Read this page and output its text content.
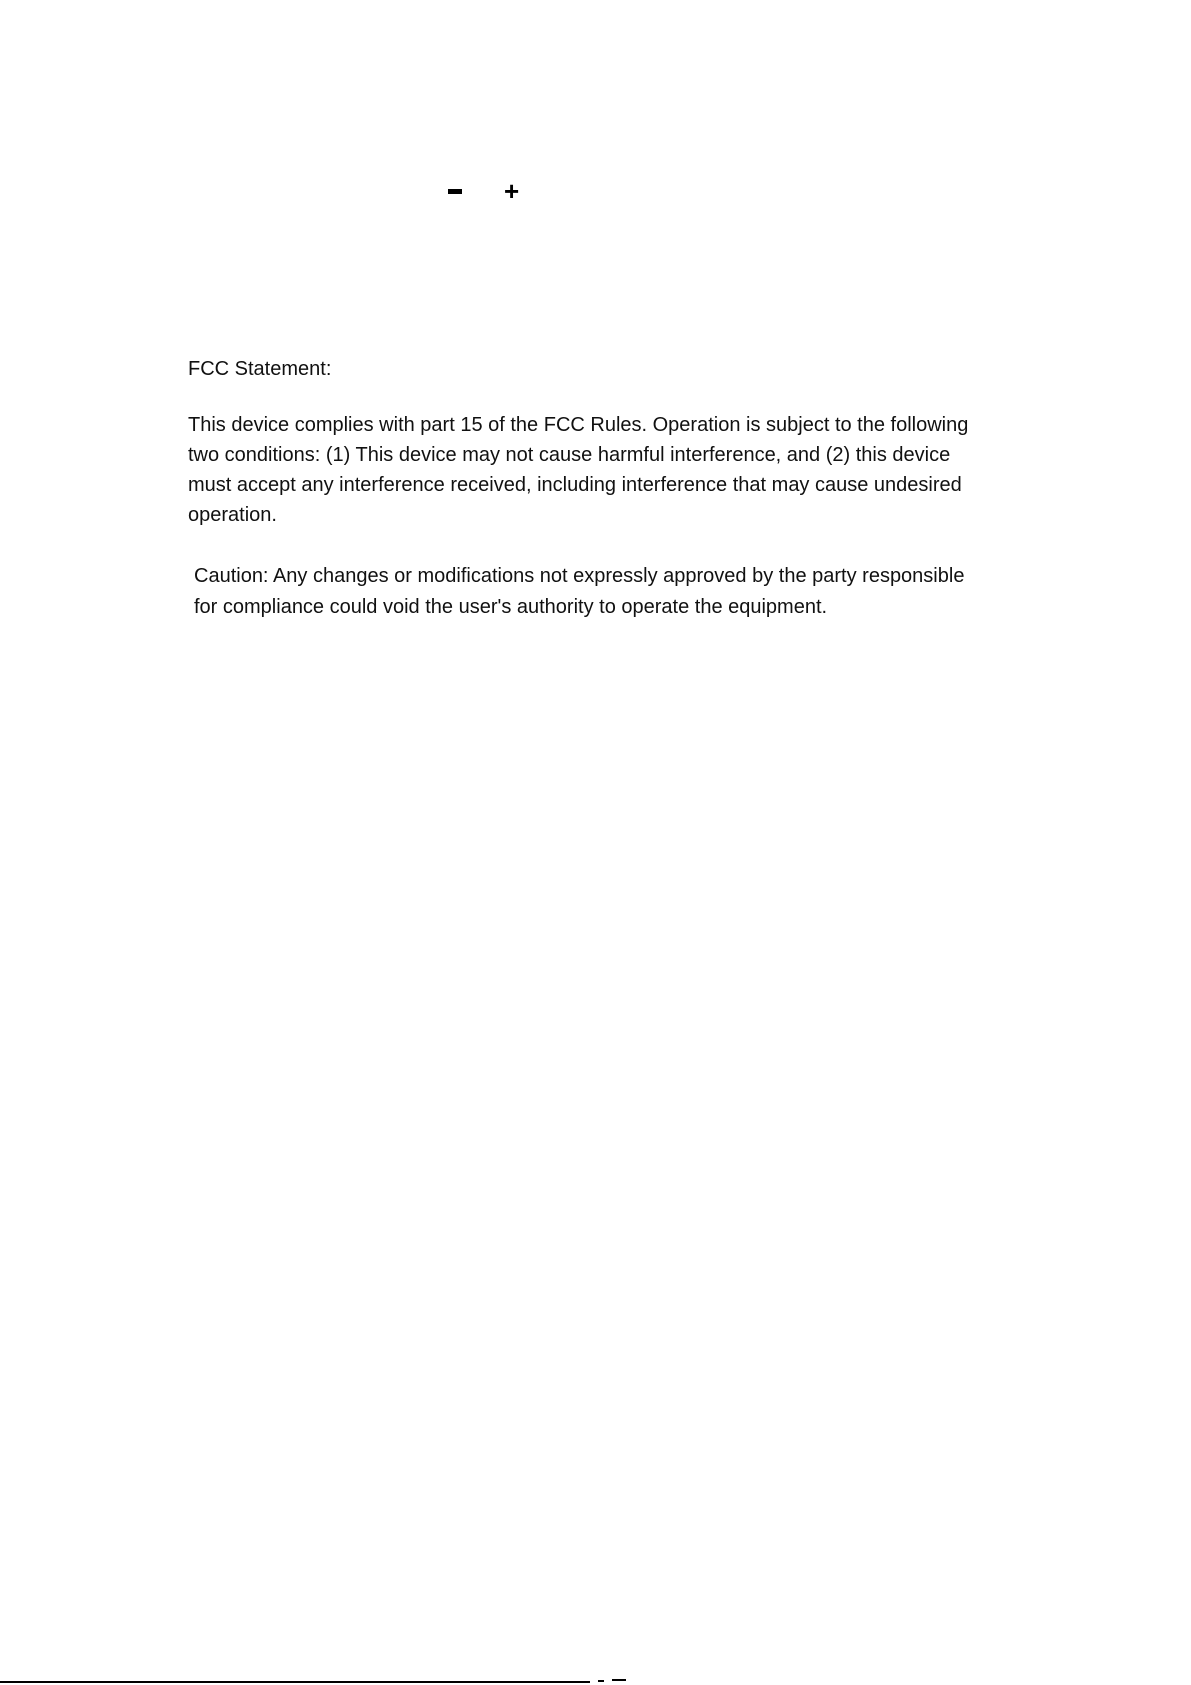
+
FCC Statement:
This device complies with part 15 of the FCC Rules. Operation is subject to the following
two conditions: (1) This device may not cause harmful interference, and (2) this device
must accept any interference received, including interference that may cause undesired
operation.
Caution: Any changes or modifications not expressly approved by the party responsible
for compliance could void the user's authority to operate the equipment.
